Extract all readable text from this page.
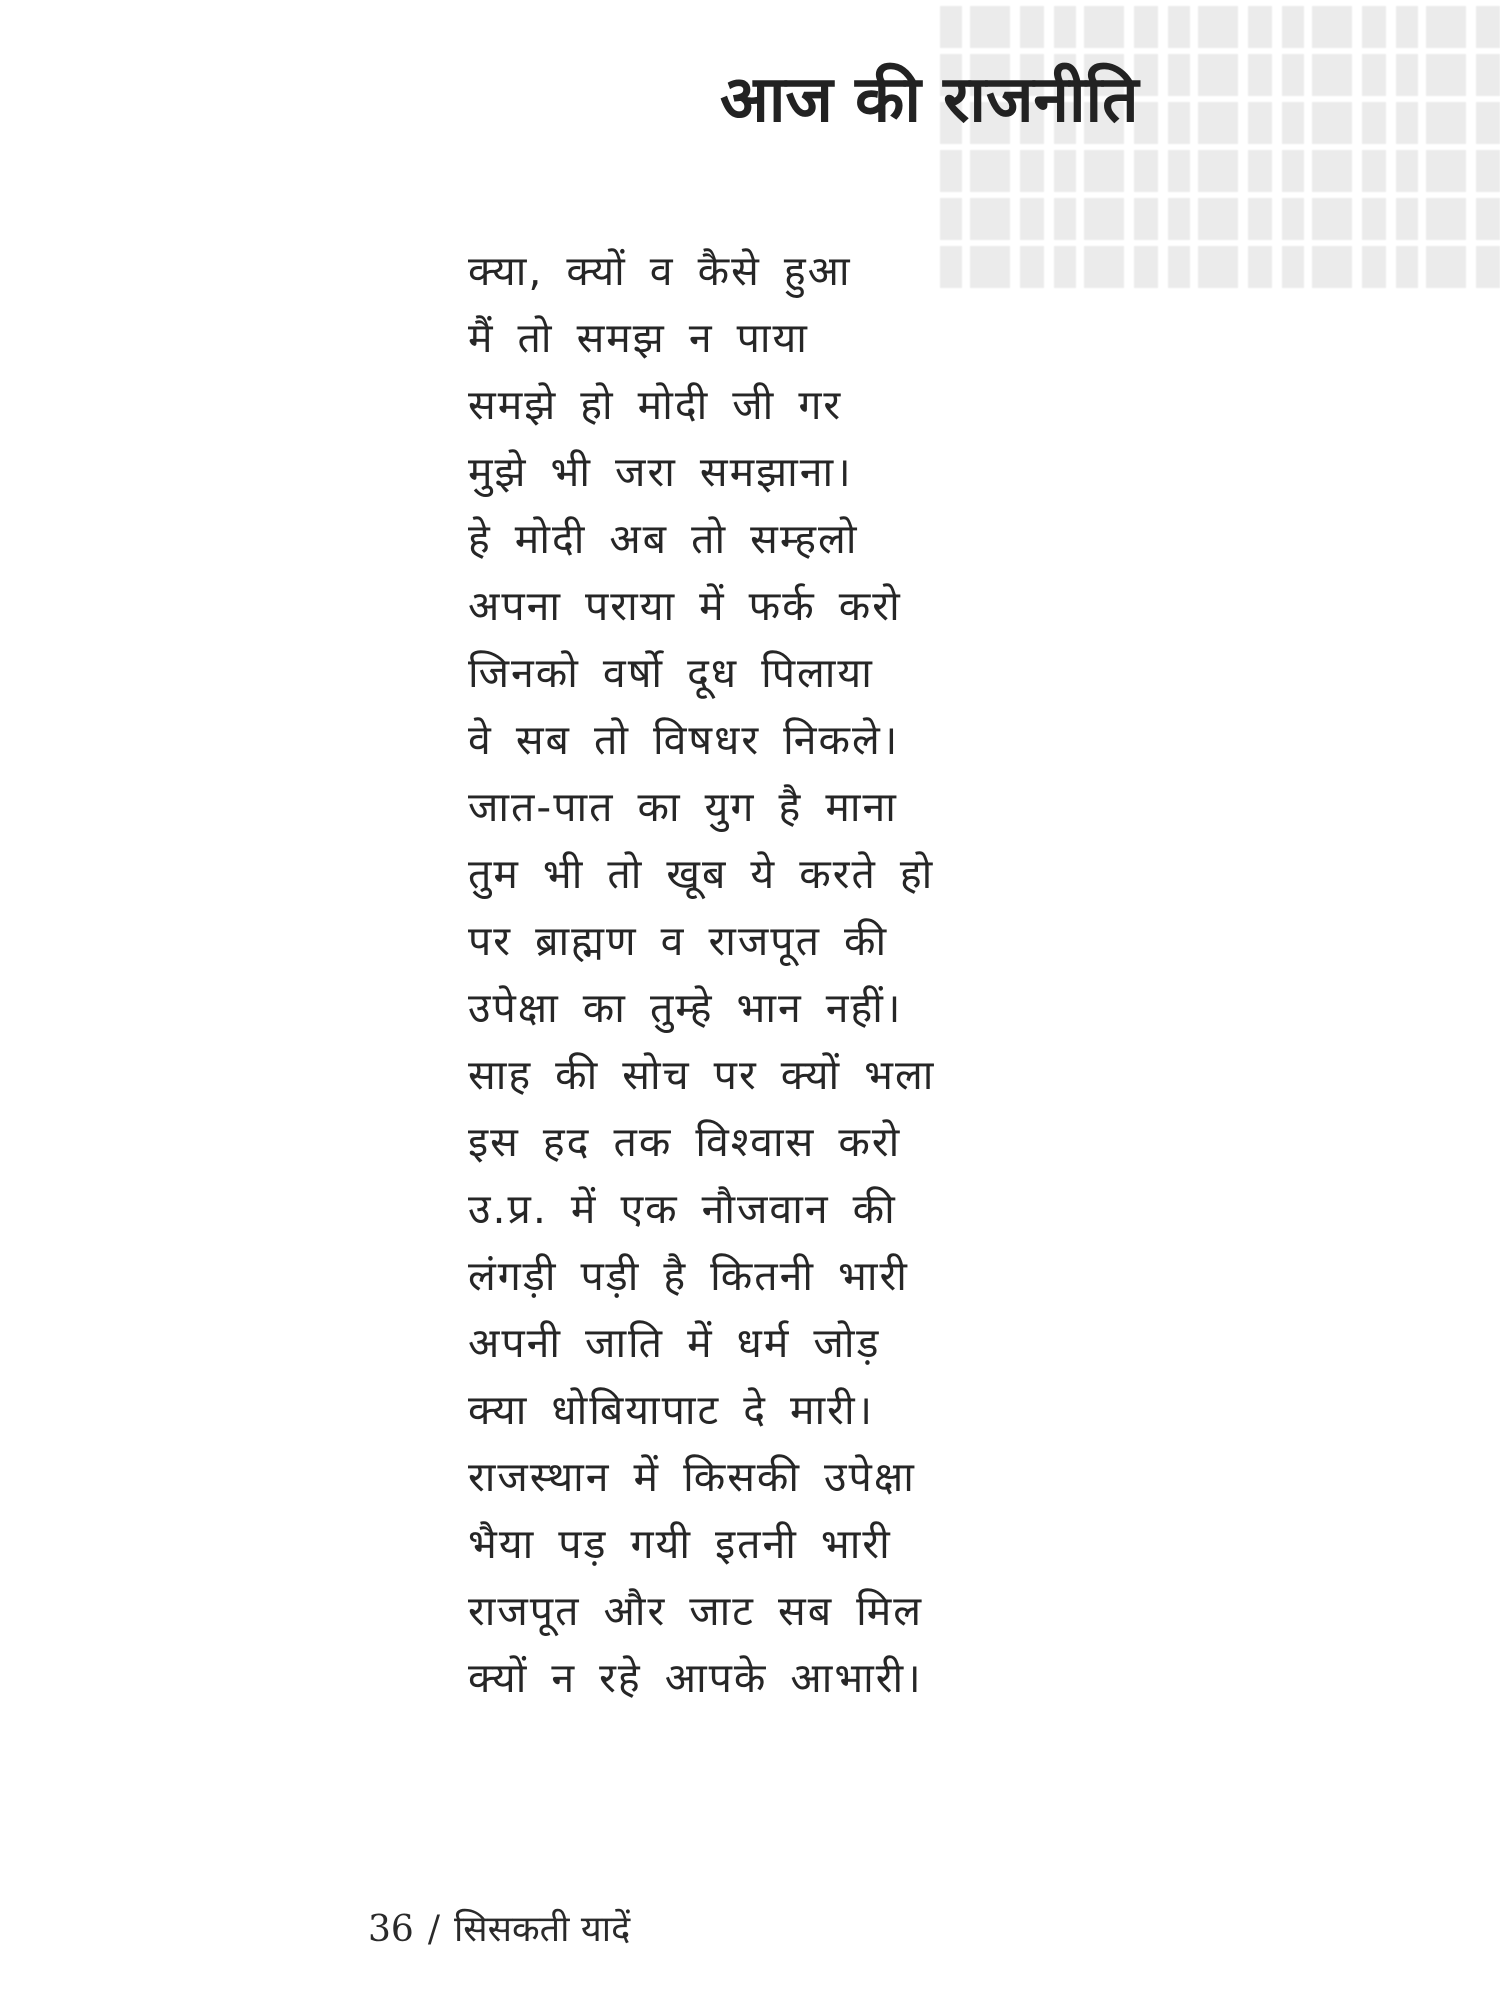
आज की राजनीति
क्या, क्यों व कैसे हुआ
मैं तो समझ न पाया
समझे हो मोदी जी गर
मुझे भी जरा समझाना।
हे मोदी अब तो सम्हलो
अपना पराया में फर्क करो
जिनको वर्षो दूध पिलाया
वे सब तो विषधर निकले।
जात-पात का युग है माना
तुम भी तो खूब ये करते हो
पर ब्राह्मण व राजपूत की
उपेक्षा का तुम्हे भान नहीं।
साह की सोच पर क्यों भला
इस हद तक विश्वास करो
उ.प्र. में एक नौजवान की
लंगड़ी पड़ी है कितनी भारी
अपनी जाति में धर्म जोड़
क्या धोबियापाट दे मारी।
राजस्थान में किसकी उपेक्षा
भैया पड़ गयी इतनी भारी
राजपूत और जाट सब मिल
क्यों न रहे आपके आभारी।
36 / सिसकती यादें
